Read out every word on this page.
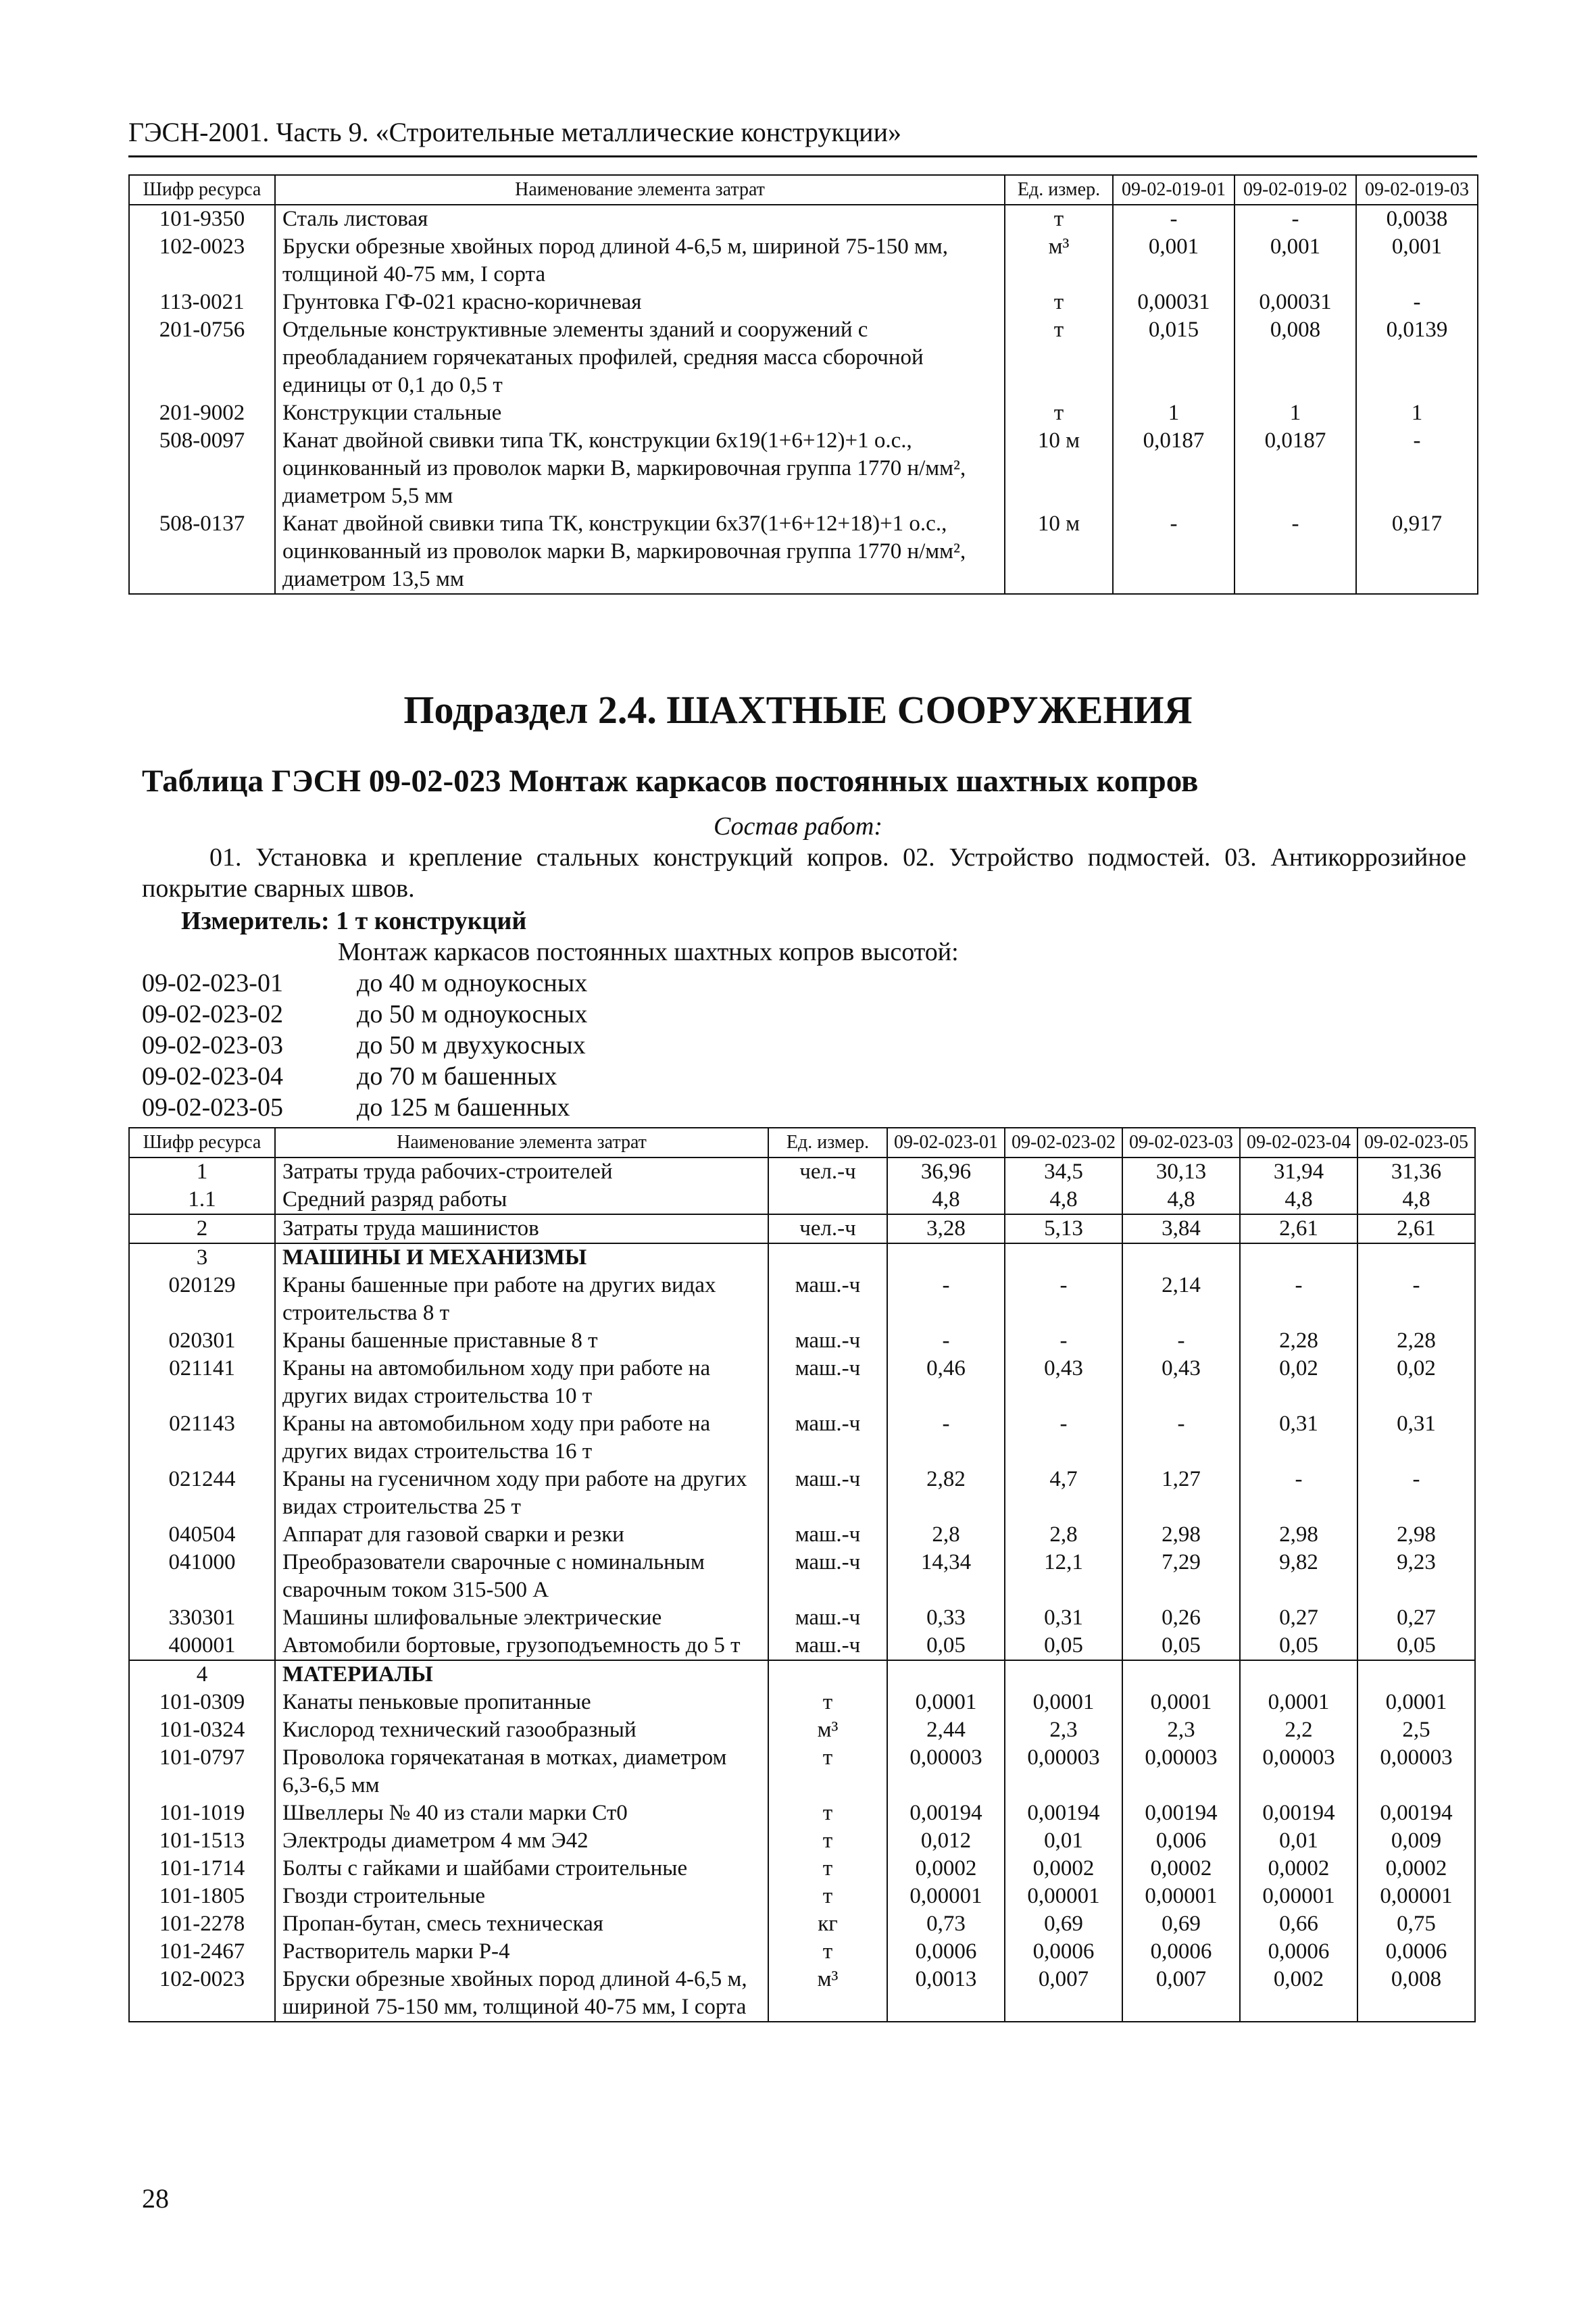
ГЭСН-2001. Часть 9. «Строительные металлические конструкции»
Шифр ресурса	Наименование элемента затрат	Ед. измер.	09-02-019-01	09-02-019-02	09-02-019-03
101-9350	Сталь листовая	т	-	-	0,0038
102-0023	Бруски обрезные хвойных пород длиной 4-6,5 м, шириной 75-150 мм, толщиной 40-75 мм, I сорта	м³	0,001	0,001	0,001
113-0021	Грунтовка ГФ-021 красно-коричневая	т	0,00031	0,00031	-
201-0756	Отдельные конструктивные элементы зданий и сооружений с преобладанием горячекатаных профилей, средняя масса сборочной единицы от 0,1 до 0,5 т	т	0,015	0,008	0,0139
201-9002	Конструкции стальные	т	1	1	1
508-0097	Канат двойной свивки типа ТК, конструкции 6х19(1+6+12)+1 о.с., оцинкованный из проволок марки В, маркировочная группа 1770 н/мм², диаметром 5,5 мм	10 м	0,0187	0,0187	-
508-0137	Канат двойной свивки типа ТК, конструкции 6х37(1+6+12+18)+1 о.с., оцинкованный из проволок марки В, маркировочная группа 1770 н/мм², диаметром 13,5 мм	10 м	-	-	0,917
Подраздел 2.4. ШАХТНЫЕ СООРУЖЕНИЯ
Таблица ГЭСН 09-02-023 Монтаж каркасов постоянных шахтных копров
Состав работ:
01. Установка и крепление стальных конструкций копров. 02. Устройство подмостей. 03. Антикоррозийное покрытие сварных швов.
Измеритель: 1 т конструкций
Монтаж каркасов постоянных шахтных копров высотой:
09-02-023-01	до 40 м одноукосных
09-02-023-02	до 50 м одноукосных
09-02-023-03	до 50 м двухукосных
09-02-023-04	до 70 м башенных
09-02-023-05	до 125 м башенных
Шифр ресурса	Наименование элемента затрат	Ед. измер.	09-02-023-01	09-02-023-02	09-02-023-03	09-02-023-04	09-02-023-05
1	Затраты труда рабочих-строителей	чел.-ч	36,96	34,5	30,13	31,94	31,36
1.1	Средний разряд работы		4,8	4,8	4,8	4,8	4,8
2	Затраты труда машинистов	чел.-ч	3,28	5,13	3,84	2,61	2,61
3	МАШИНЫ И МЕХАНИЗМЫ						
020129	Краны башенные при работе на других видах строительства 8 т	маш.-ч	-	-	2,14	-	-
020301	Краны башенные приставные 8 т	маш.-ч	-	-	-	2,28	2,28
021141	Краны на автомобильном ходу при работе на других видах строительства 10 т	маш.-ч	0,46	0,43	0,43	0,02	0,02
021143	Краны на автомобильном ходу при работе на других видах строительства 16 т	маш.-ч	-	-	-	0,31	0,31
021244	Краны на гусеничном ходу при работе на других видах строительства 25 т	маш.-ч	2,82	4,7	1,27	-	-
040504	Аппарат для газовой сварки и резки	маш.-ч	2,8	2,8	2,98	2,98	2,98
041000	Преобразователи сварочные с номинальным сварочным током 315-500 А	маш.-ч	14,34	12,1	7,29	9,82	9,23
330301	Машины шлифовальные электрические	маш.-ч	0,33	0,31	0,26	0,27	0,27
400001	Автомобили бортовые, грузоподъемность до 5 т	маш.-ч	0,05	0,05	0,05	0,05	0,05
4	МАТЕРИАЛЫ						
101-0309	Канаты пеньковые пропитанные	т	0,0001	0,0001	0,0001	0,0001	0,0001
101-0324	Кислород технический газообразный	м³	2,44	2,3	2,3	2,2	2,5
101-0797	Проволока горячекатаная в мотках, диаметром 6,3-6,5 мм	т	0,00003	0,00003	0,00003	0,00003	0,00003
101-1019	Швеллеры № 40 из стали марки Ст0	т	0,00194	0,00194	0,00194	0,00194	0,00194
101-1513	Электроды диаметром 4 мм Э42	т	0,012	0,01	0,006	0,01	0,009
101-1714	Болты с гайками и шайбами строительные	т	0,0002	0,0002	0,0002	0,0002	0,0002
101-1805	Гвозди строительные	т	0,00001	0,00001	0,00001	0,00001	0,00001
101-2278	Пропан-бутан, смесь техническая	кг	0,73	0,69	0,69	0,66	0,75
101-2467	Растворитель марки Р-4	т	0,0006	0,0006	0,0006	0,0006	0,0006
102-0023	Бруски обрезные хвойных пород длиной 4-6,5 м, шириной 75-150 мм, толщиной 40-75 мм, I сорта	м³	0,0013	0,007	0,007	0,002	0,008
28
